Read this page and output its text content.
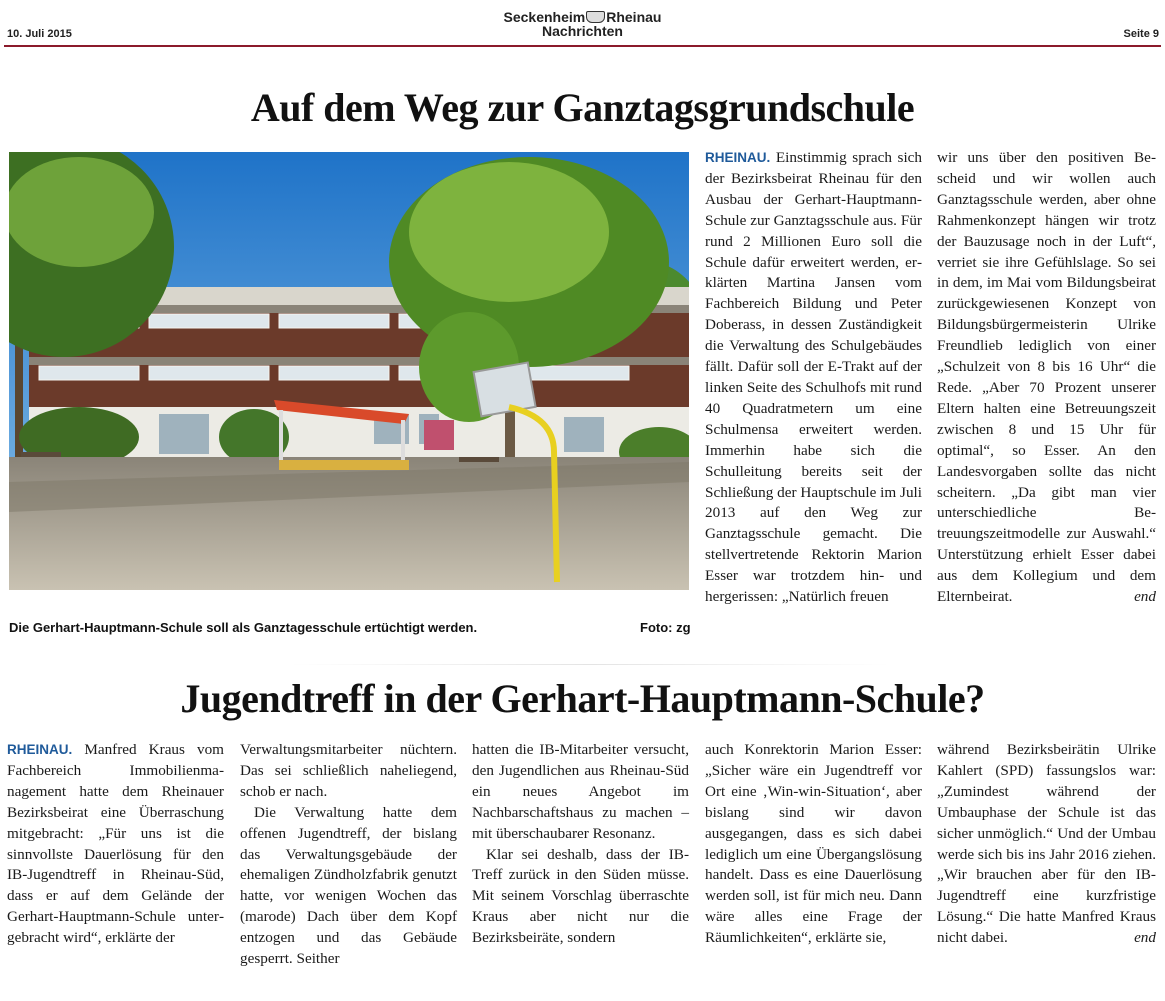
10. Juli 2015
Seckenheim Rheinau
Nachrichten	Seite 9
Auf dem Weg zur Ganztagsgrundschule
Die Gerhart-Hauptmann-Schule soll als Ganztagesschule ertüchtigt werden.	Foto: zg

RHEINAU. Einstimmig sprach sich der Bezirksbeirat Rheinau für den Ausbau der Gerhart-Hauptmann-Schule zur Ganztagsschule aus. Für rund 2 Millionen Euro soll die Schule dafür erweitert werden, erklärten Martina Jansen vom Fachbereich Bildung und Peter Doberass, in dessen Zuständigkeit die Verwaltung des Schulgebäudes fällt. Dafür soll der E-Trakt auf der linken Seite des Schulhofs mit rund 40 Quadratmetern um eine Schulmensa erweitert werden. Immerhin habe sich die Schulleitung bereits seit der Schließung der Hauptschule im Juli 2013 auf den Weg zur Ganztagsschule gemacht. Die stellvertretende Rektorin Marion Esser war trotzdem hin- und hergerissen: „Natürlich freuen

wir uns über den positiven Bescheid und wir wollen auch Ganztagsschule werden, aber ohne Rahmenkonzept hängen wir trotz der Bauzusage noch in der Luft“, verriet sie ihre Gefühlslage. So sei in dem, im Mai vom Bildungsbeirat zurückgewiesenen Konzept von Bildungsbürgermeisterin Ulrike Freundlieb lediglich von einer „Schulzeit von 8 bis 16 Uhr“ die Rede. „Aber 70 Prozent unserer Eltern halten eine Betreuungszeit zwischen 8 und 15 Uhr für optimal“, so Esser. An den Landesvorgaben sollte das nicht scheitern. „Da gibt man vier unterschiedliche Betreuungszeitmodelle zur Auswahl.“ Unterstützung erhielt Esser dabei aus dem Kollegium und dem Elternbeirat.	end

Jugendtreff in der Gerhart-Hauptmann-Schule?

RHEINAU. Manfred Kraus vom Fachbereich Immobilienmanagement hatte dem Rheinauer Bezirksbeirat eine Überraschung mitgebracht: „Für uns ist die sinnvollste Dauerlösung für den IB-Jugendtreff in Rheinau-Süd, dass er auf dem Gelände der Gerhart-Hauptmann-Schule untergebracht wird“, erklärte der

Verwaltungsmitarbeiter nüchtern. Das sei schließlich naheliegend, schob er nach.

Die Verwaltung hatte dem offenen Jugendtreff, der bislang das Verwaltungsgebäude der ehemaligen Zündholzfabrik genutzt hatte, vor wenigen Wochen das (marode) Dach über dem Kopf entzogen und das Gebäude gesperrt. Seither

hatten die IB-Mitarbeiter versucht, den Jugendlichen aus Rheinau-Süd ein neues Angebot im Nachbarschaftshaus zu machen – mit überschaubarer Resonanz.

Klar sei deshalb, dass der IB-Treff zurück in den Süden müsse. Mit seinem Vorschlag überraschte Kraus aber nicht nur die Bezirksbeiräte, sondern

auch Konrektorin Marion Esser: „Sicher wäre ein Jugendtreff vor Ort eine ‚Win-win-Situation‘, aber bislang sind wir davon ausgegangen, dass es sich dabei lediglich um eine Übergangslösung handelt. Dass es eine Dauerlösung werden soll, ist für mich neu. Dann wäre alles eine Frage der Räumlichkeiten“, erklärte sie,

während Bezirksbeirätin Ulrike Kahlert (SPD) fassungslos war: „Zumindest während der Umbauphase der Schule ist das sicher unmöglich.“ Und der Umbau werde sich bis ins Jahr 2016 ziehen. „Wir brauchen aber für den IB-Jugendtreff eine kurzfristige Lösung.“ Die hatte Manfred Kraus nicht dabei.	end
